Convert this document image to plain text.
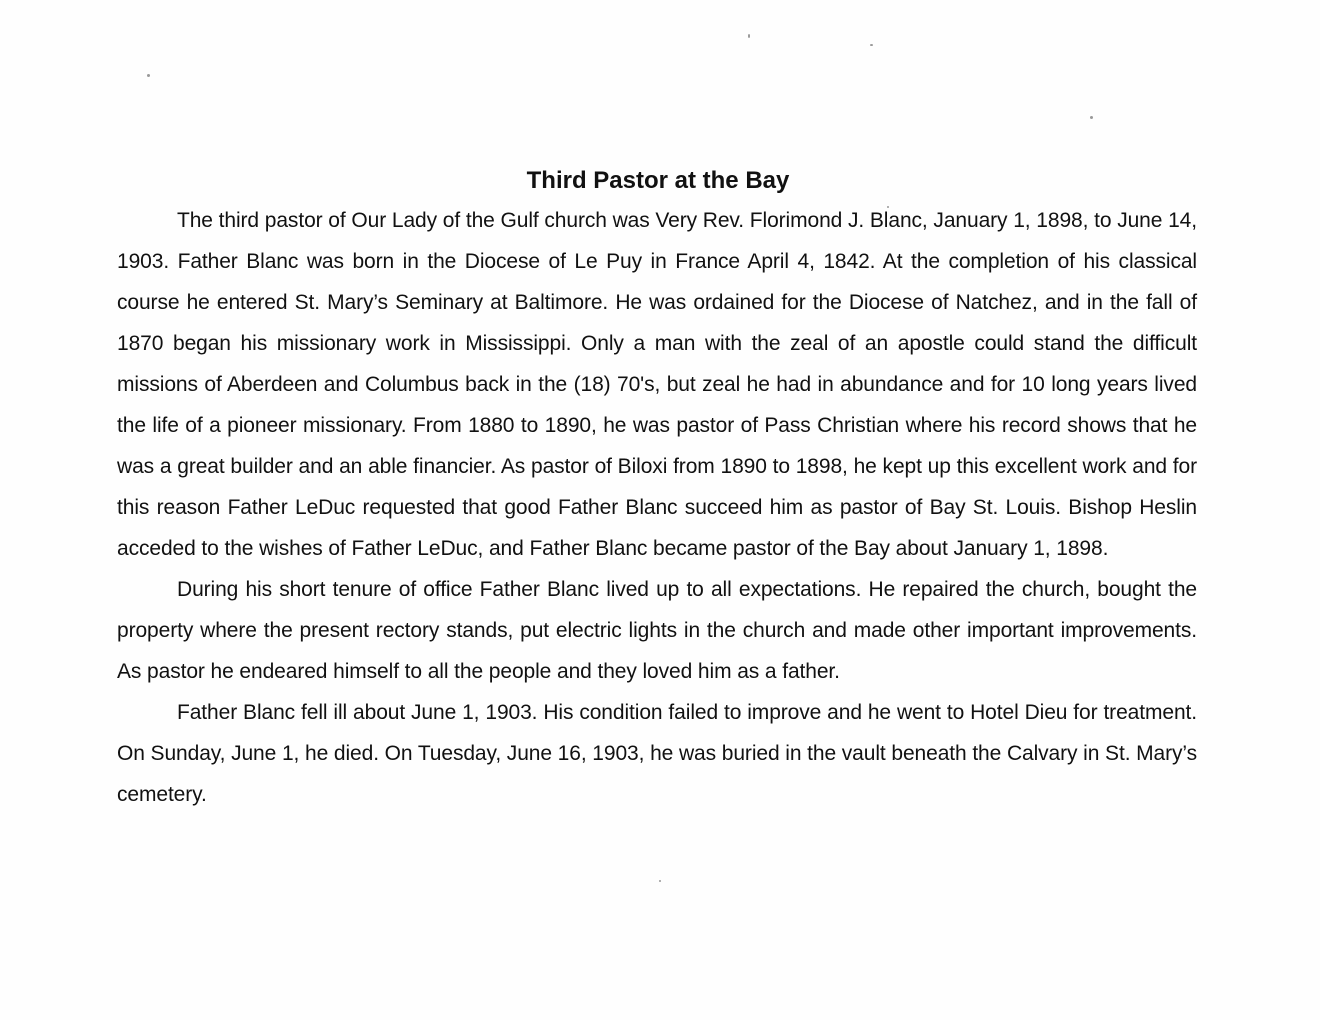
Third Pastor at the Bay

The third pastor of Our Lady of the Gulf church was Very Rev. Florimond J. Blanc, January 1, 1898, to June 14, 1903. Father Blanc was born in the Diocese of Le Puy in France April 4, 1842. At the completion of his classical course he entered St. Mary’s Seminary at Baltimore. He was ordained for the Diocese of Natchez, and in the fall of 1870 began his missionary work in Mississippi. Only a man with the zeal of an apostle could stand the difficult missions of Aberdeen and Columbus back in the (18) 70's, but zeal he had in abundance and for 10 long years lived the life of a pioneer missionary. From 1880 to 1890, he was pastor of Pass Christian where his record shows that he was a great builder and an able financier. As pastor of Biloxi from 1890 to 1898, he kept up this excellent work and for this reason Father LeDuc requested that good Father Blanc succeed him as pastor of Bay St. Louis. Bishop Heslin acceded to the wishes of Father LeDuc, and Father Blanc became pastor of the Bay about January 1, 1898.

During his short tenure of office Father Blanc lived up to all expectations. He repaired the church, bought the property where the present rectory stands, put electric lights in the church and made other important improvements. As pastor he endeared himself to all the people and they loved him as a father.

Father Blanc fell ill about June 1, 1903. His condition failed to improve and he went to Hotel Dieu for treatment. On Sunday, June 1, he died. On Tuesday, June 16, 1903, he was buried in the vault beneath the Calvary in St. Mary’s cemetery.
